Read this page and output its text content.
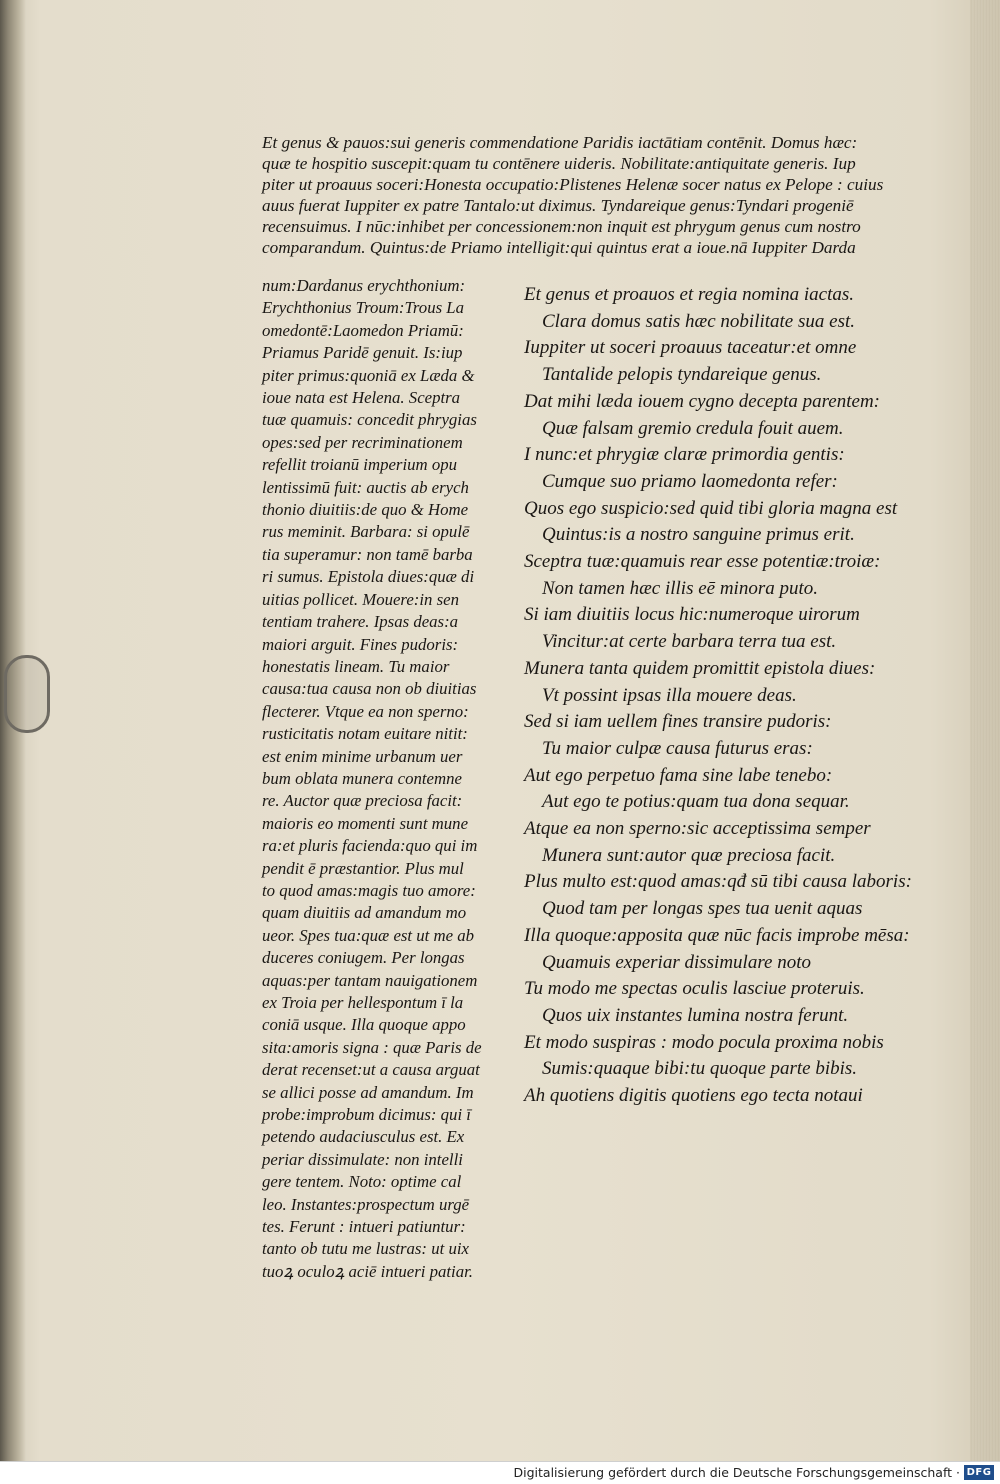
Et genus & pauos:sui generis commendatione Paridis iactātiam contēnit. Domus hæc:
quæ te hospitio suscepit:quam tu contēnere uideris. Nobilitate:antiquitate generis. Iup
piter ut proauus soceri:Honesta occupatio:Plistenes Helenæ socer natus ex Pelope : cuius
auus fuerat Iuppiter ex patre Tantalo:ut diximus. Tyndareique genus:Tyndari progeniē
recensuimus. I nūc:inhibet per concessionem:non inquit est phrygum genus cum nostro
comparandum. Quintus:de Priamo intelligit:qui quintus erat a ioue.nā Iuppiter Darda
num:Dardanus erychthonium:
Erychthonius Troum:Trous La
omedontē:Laomedon Priamū:
Priamus Paridē genuit. Is:iup
piter primus:quoniā ex Læda &
ioue nata est Helena. Sceptra
tuæ quamuis: concedit phrygias
opes:sed per recriminationem
refellit troianū imperium opu
lentissimū fuit: auctis ab erych
thonio diuitiis:de quo & Home
rus meminit. Barbara: si opulē
tia superamur: non tamē barba
ri sumus. Epistola diues:quæ di
uitias pollicet. Mouere:in sen
tentiam trahere. Ipsas deas:a
maiori arguit. Fines pudoris:
honestatis lineam. Tu maior
causa:tua causa non ob diuitias
flecterer. Vtque ea non sperno:
rusticitatis notam euitare nitit:
est enim minime urbanum uer
bum oblata munera contemne
re. Auctor quæ preciosa facit:
maioris eo momenti sunt mune
ra:et pluris facienda:quo qui im
pendit ē præstantior. Plus mul
to quod amas:magis tuo amore:
quam diuitiis ad amandum mo
ueor. Spes tua:quæ est ut me ab
duceres coniugem. Per longas
aquas:per tantam nauigationem
ex Troia per hellespontum ī la
coniā usque. Illa quoque appo
sita:amoris signa : quæ Paris de
derat recenset:ut a causa arguat
se allici posse ad amandum. Im
probe:improbum dicimus: qui ī
petendo audaciusculus est. Ex
periar dissimulate: non intelli
gere tentem. Noto: optime cal
leo. Instantes:prospectum urgē
tes. Ferunt : intueri patiuntur:
tanto ob tutu me lustras: ut uix
tuoꝝ oculoꝝ aciē intueri patiar.
Et genus et proauos et regia nomina iactas.
Clara domus satis hæc nobilitate sua est.
Iuppiter ut soceri proauus taceatur:et omne
Tantalide pelopis tyndareique genus.
Dat mihi læda iouem cygno decepta parentem:
Quæ falsam gremio credula fouit auem.
I nunc:et phrygiæ claræ primordia gentis:
Cumque suo priamo laomedonta refer:
Quos ego suspicio:sed quid tibi gloria magna est
Quintus:is a nostro sanguine primus erit.
Sceptra tuæ:quamuis rear esse potentiæ:troiæ:
Non tamen hæc illis eē minora puto.
Si iam diuitiis locus hic:numeroque uirorum
Vincitur:at certe barbara terra tua est.
Munera tanta quidem promittit epistola diues:
Vt possint ipsas illa mouere deas.
Sed si iam uellem fines transire pudoris:
Tu maior culpæ causa futurus eras:
Aut ego perpetuo fama sine labe tenebo:
Aut ego te potius:quam tua dona sequar.
Atque ea non sperno:sic acceptissima semper
Munera sunt:autor quæ preciosa facit.
Plus multo est:quod amas:qđ sū tibi causa laboris:
Quod tam per longas spes tua uenit aquas
Illa quoque:apposita quæ nūc facis improbe mēsa:
Quamuis experiar dissimulare noto
Tu modo me spectas oculis lasciue proteruis.
Quos uix instantes lumina nostra ferunt.
Et modo suspiras : modo pocula proxima nobis
Sumis:quaque bibi:tu quoque parte bibis.
Ah quotiens digitis quotiens ego tecta notaui
Digitalisierung gefördert durch die Deutsche Forschungsgemeinschaft · DFG
